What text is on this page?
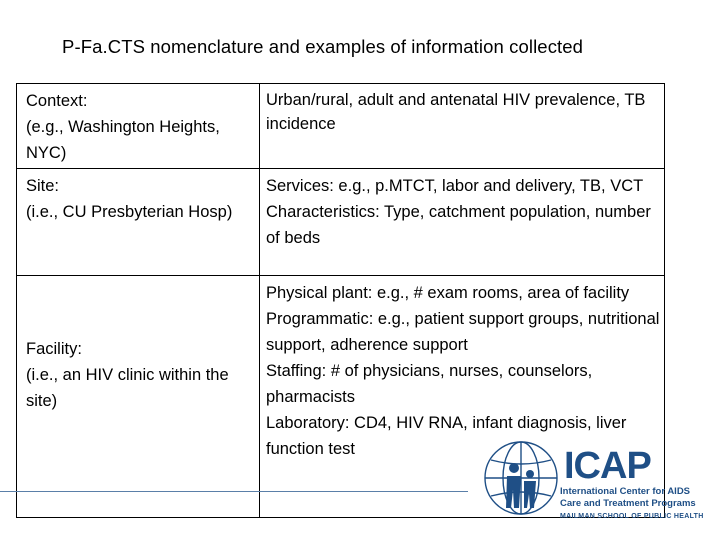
P-Fa.CTS nomenclature and examples of information collected

Context:

(e.g., Washington Heights, NYC)

Urban/rural, adult and antenatal HIV prevalence, TB incidence

Site:

(i.e., CU Presbyterian Hosp)

Services: e.g., p.MTCT, labor and delivery, TB, VCT

Characteristics: Type, catchment population, number of beds

Facility:

(i.e., an HIV clinic within the site)

Physical plant: e.g., # exam rooms, area of facility

Programmatic: e.g., patient support groups, nutritional support, adherence support

Staffing: # of physicians, nurses, counselors, pharmacists

Laboratory: CD4, HIV RNA, infant diagnosis, liver function test	ICAP
International Center for AIDS
Care and Treatment Programs
MAILMAN SCHOOL OF PUBLIC HEALTH
